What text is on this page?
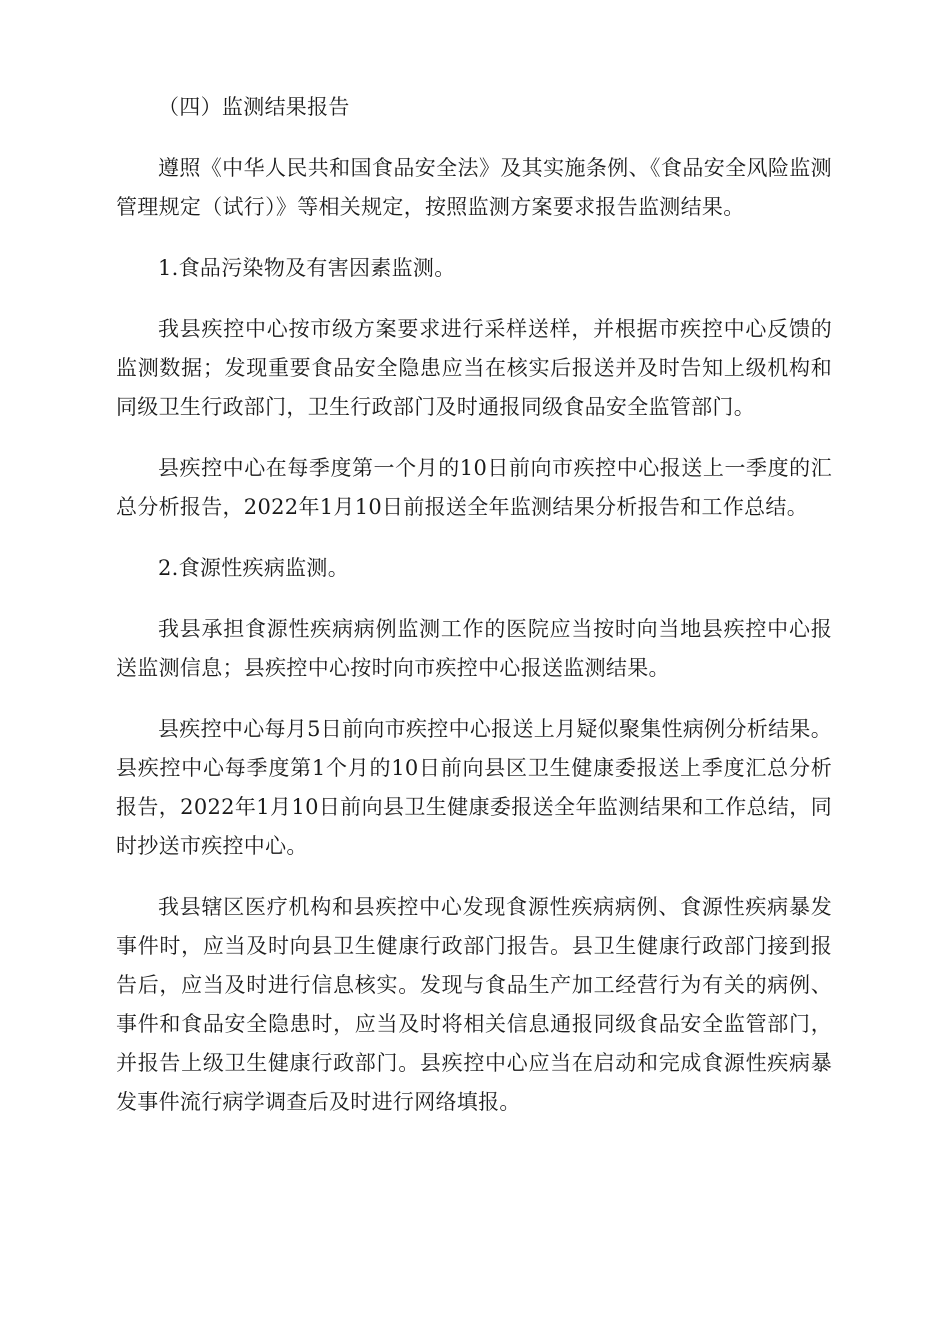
（四）监测结果报告

遵照《中华人民共和国食品安全法》及其实施条例、《食品安全风险监测管理规定（试行）》等相关规定，按照监测方案要求报告监测结果。

1.食品污染物及有害因素监测。

我县疾控中心按市级方案要求进行采样送样，并根据市疾控中心反馈的监测数据；发现重要食品安全隐患应当在核实后报送并及时告知上级机构和同级卫生行政部门，卫生行政部门及时通报同级食品安全监管部门。

县疾控中心在每季度第一个月的10日前向市疾控中心报送上一季度的汇总分析报告，2022年1月10日前报送全年监测结果分析报告和工作总结。

2.食源性疾病监测。

我县承担食源性疾病病例监测工作的医院应当按时向当地县疾控中心报送监测信息；县疾控中心按时向市疾控中心报送监测结果。

县疾控中心每月5日前向市疾控中心报送上月疑似聚集性病例分析结果。县疾控中心每季度第1个月的10日前向县区卫生健康委报送上季度汇总分析报告，2022年1月10日前向县卫生健康委报送全年监测结果和工作总结，同时抄送市疾控中心。

我县辖区医疗机构和县疾控中心发现食源性疾病病例、食源性疾病暴发事件时，应当及时向县卫生健康行政部门报告。县卫生健康行政部门接到报告后，应当及时进行信息核实。发现与食品生产加工经营行为有关的病例、事件和食品安全隐患时，应当及时将相关信息通报同级食品安全监管部门，并报告上级卫生健康行政部门。县疾控中心应当在启动和完成食源性疾病暴发事件流行病学调查后及时进行网络填报。
